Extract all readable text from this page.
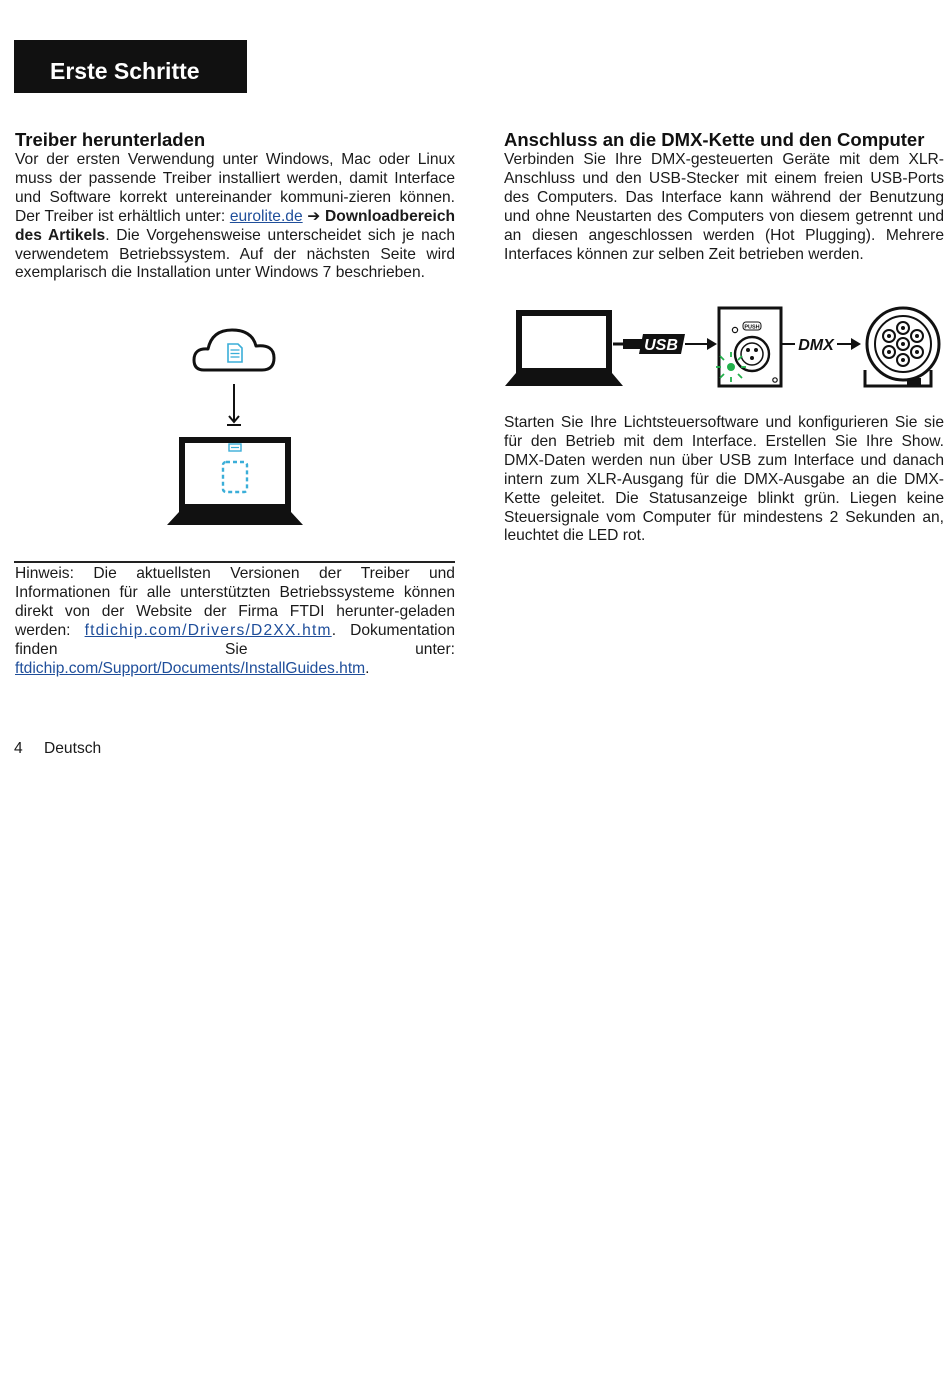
Erste Schritte
Treiber herunterladen
Vor der ersten Verwendung unter Windows, Mac oder Linux muss der passende Treiber installiert werden, damit Interface und Software korrekt untereinander kommuni-zieren können. Der Treiber ist erhältlich unter: eurolite.de ➔ Downloadbereich des Artikels. Die Vorgehensweise unterscheidet sich je nach verwendetem Betriebssystem. Auf der nächsten Seite wird exemplarisch die Installation unter Windows 7 beschrieben.
Hinweis: Die aktuellsten Versionen der Treiber und Informationen für alle unterstützten Betriebssysteme können direkt von der Website der Firma FTDI herunter-geladen werden: ftdichip.com/Drivers/D2XX.htm. Dokumentation finden Sie unter: ftdichip.com/Support/Documents/InstallGuides.htm.
Anschluss an die DMX-Kette und den Computer
Verbinden Sie Ihre DMX-gesteuerten Geräte mit dem XLR-Anschluss und den USB-Stecker mit einem freien USB-Ports des Computers. Das Interface kann während der Benutzung und ohne Neustarten des Computers von diesem getrennt und an diesen angeschlossen werden (Hot Plugging). Mehrere Interfaces können zur selben Zeit betrieben werden.
USB
PUSH
DMX
Starten Sie Ihre Lichtsteuersoftware und konfigurieren Sie sie für den Betrieb mit dem Interface. Erstellen Sie Ihre Show. DMX-Daten werden nun über USB zum Interface und danach intern zum XLR-Ausgang für die DMX-Ausgabe an die DMX-Kette geleitet. Die Statusanzeige blinkt grün. Liegen keine Steuersignale vom Computer für mindestens 2 Sekunden an, leuchtet die LED rot.
4 Deutsch
